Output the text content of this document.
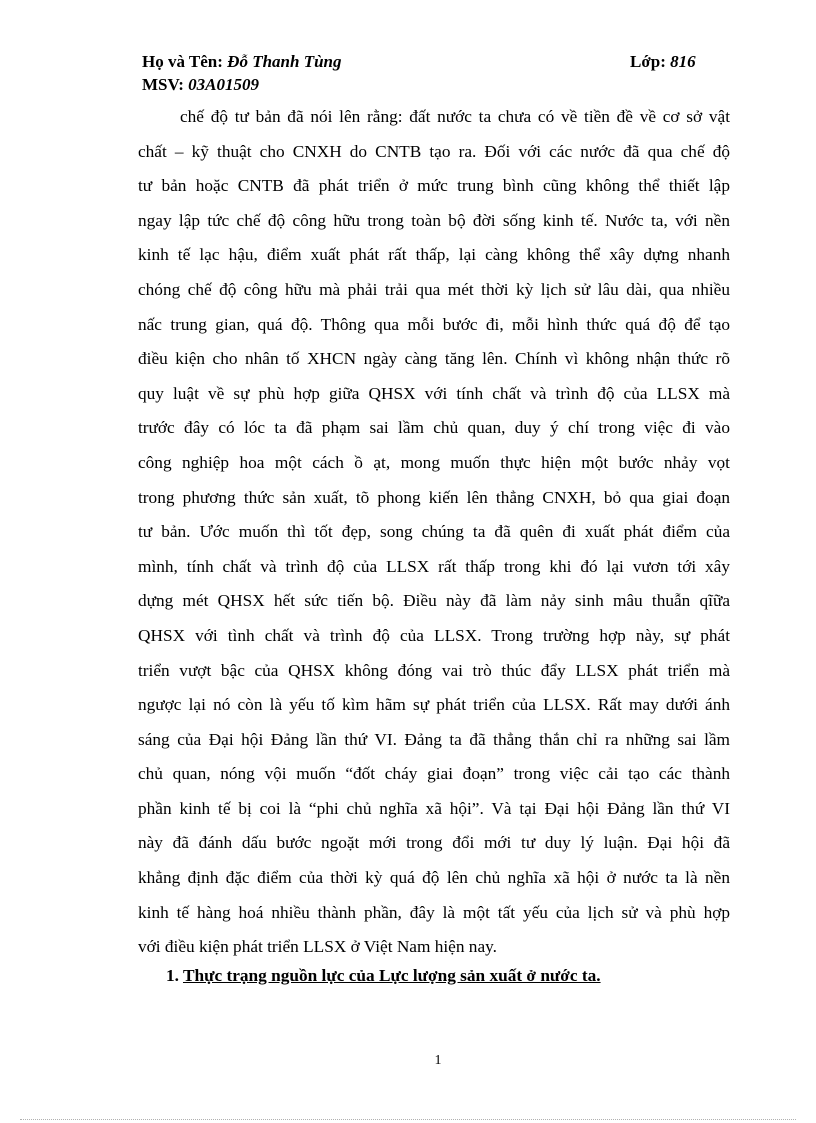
Họ và Tên: Đỗ Thanh Tùng	Lớp: 816
MSV: 03A01509
chế độ tư bản đã nói lên rằng: đất nước ta chưa có về tiền đề về cơ sở vật
chất – kỹ thuật cho CNXH do CNTB tạo ra. Đối với các nước đã qua chế độ
tư bản hoặc CNTB đã phát triển ở mức trung bình cũng không thể thiết lập
ngay lập tức chế độ công hữu trong toàn bộ đời sống kinh tế. Nước ta, với nền
kinh tế lạc hậu, điểm xuất phát rất thấp, lại càng không thể xây dựng nhanh
chóng chế độ công hữu mà phải trải qua mét thời kỳ lịch sử lâu dài, qua nhiều
nấc trung gian, quá độ. Thông qua mỗi bước đi, mỗi hình thức quá độ để tạo
điều kiện cho nhân tố XHCN ngày càng tăng lên. Chính vì không nhận thức rõ
quy luật về sự phù hợp giữa QHSX với tính chất và trình độ của LLSX mà
trước đây có lóc ta đã phạm sai lầm chủ quan, duy ý chí trong việc đi vào
công nghiệp hoa một cách ồ ạt, mong muốn thực hiện một bước nhảy vọt
trong phương thức sản xuất, tõ phong kiến lên thẳng CNXH, bỏ qua giai đoạn
tư bản. Ước muốn thì tốt đẹp, song chúng ta đã quên đi xuất phát điểm của
mình, tính chất và trình độ của LLSX rất thấp trong khi đó lại vươn tới xây
dựng mét QHSX hết sức tiến bộ. Điều này đã làm nảy sinh mâu thuẫn qĩữa
QHSX với tình chất và trình độ của LLSX. Trong trường hợp này, sự phát
triển vượt bậc của QHSX không đóng vai trò thúc đẩy LLSX phát triển mà
ngược lại nó còn là yếu tố kìm hãm sự phát triển của LLSX. Rất may dưới ánh
sáng của Đại hội Đảng lần thứ VI. Đảng ta đã thẳng thắn chỉ ra những sai lầm
chủ quan, nóng vội muốn “đốt cháy giai đoạn” trong việc cải tạo các thành
phần kinh tế bị coi là “phi chủ nghĩa xã hội”. Và tại Đại hội Đảng lần thứ VI
này đã đánh dấu bước ngoặt mới trong đổi mới tư duy lý luận. Đại hội đã
khẳng định đặc điểm của thời kỳ quá độ lên chủ nghĩa xã hội ở nước ta là nền
kinh tế hàng hoá nhiều thành phần, đây là một tất yếu của lịch sử và phù hợp
với điều kiện phát triển LLSX ở Việt Nam hiện nay.
1. Thực trạng nguồn lực của Lực lượng sản xuất ở nước ta.
1
